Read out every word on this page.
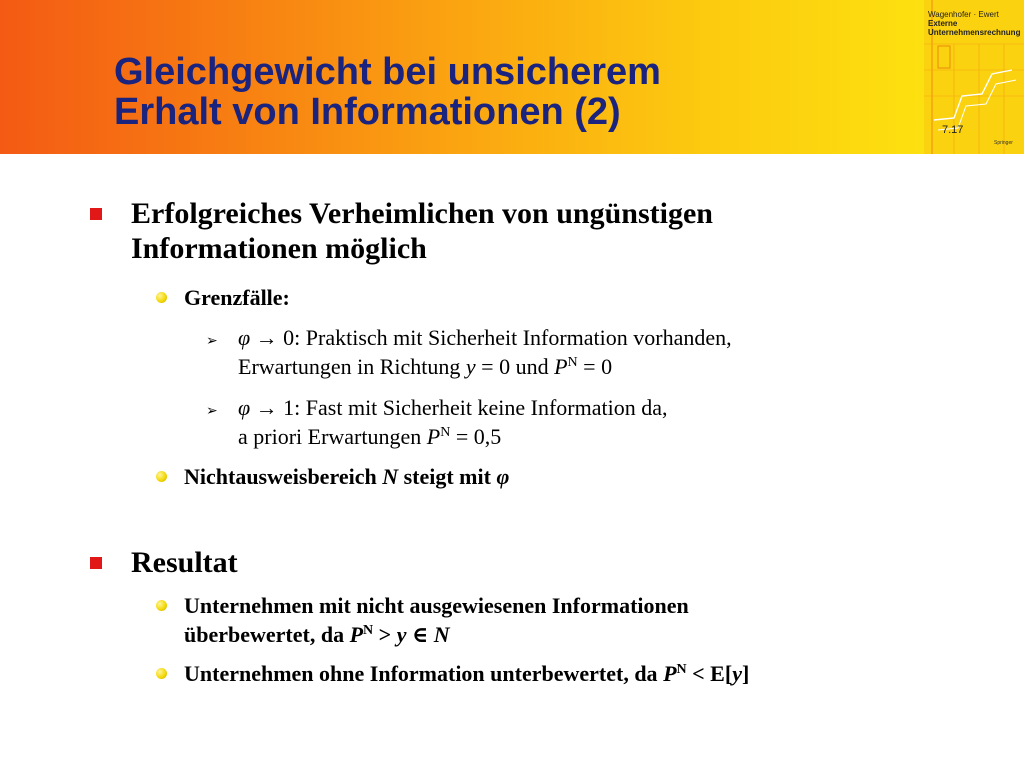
Gleichgewicht bei unsicherem
Erhalt von Informationen (2)
Wagenhofer · Ewert
Externe
Unternehmensrechnung
7.17
Springer
Erfolgreiches Verheimlichen von ungünstigen
Informationen möglich
Grenzfälle:
➢ φ → 0: Praktisch mit Sicherheit Information vorhanden,
Erwartungen in Richtung y = 0 und $P^N = 0$
➢ φ → 1: Fast mit Sicherheit keine Information da,
a priori Erwartungen $P^N = 0,5$
Nichtausweisbereich N steigt mit φ
Resultat
Unternehmen mit nicht ausgewiesenen Informationen
überbewertet, da $P^N > y$ ∈ N
Unternehmen ohne Information unterbewertet, da $P^N < E[y]$
